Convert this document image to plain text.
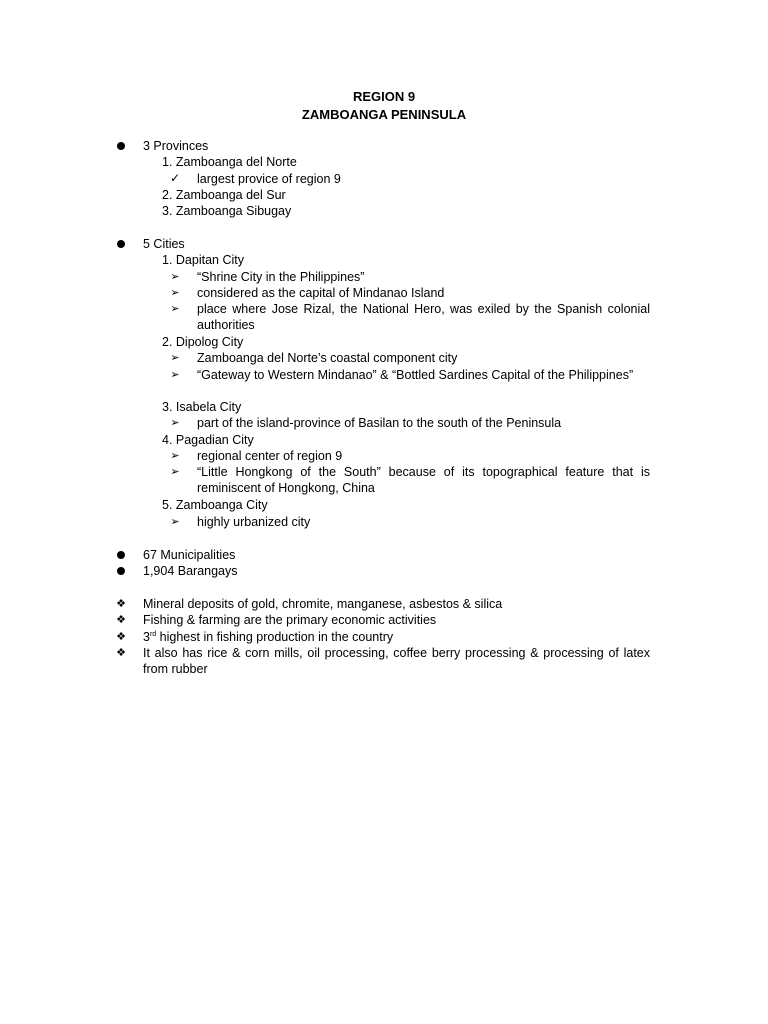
REGION 9
ZAMBOANGA PENINSULA
3 Provinces
1. Zamboanga del Norte
✓ largest provice of region 9
2. Zamboanga del Sur
3. Zamboanga Sibugay
5 Cities
1. Dapitan City
➢ “Shrine City in the Philippines”
➢ considered as the capital of Mindanao Island
➢ place where Jose Rizal, the National Hero, was exiled by the Spanish colonial authorities
2. Dipolog City
➢ Zamboanga del Norte’s coastal component city
➢ “Gateway to Western Mindanao” & “Bottled Sardines Capital of the Philippines”
3. Isabela City
➢ part of the island-province of Basilan to the south of the Peninsula
4. Pagadian City
➢ regional center of region 9
➢ “Little Hongkong of the South” because of its topographical feature that is reminiscent of Hongkong, China
5. Zamboanga City
➢ highly urbanized city
67 Municipalities
1,904 Barangays
❖ Mineral deposits of gold, chromite, manganese, asbestos & silica
❖ Fishing & farming are the primary economic activities
❖ 3rd highest in fishing production in the country
❖ It also has rice & corn mills, oil processing, coffee berry processing & processing of latex from rubber
